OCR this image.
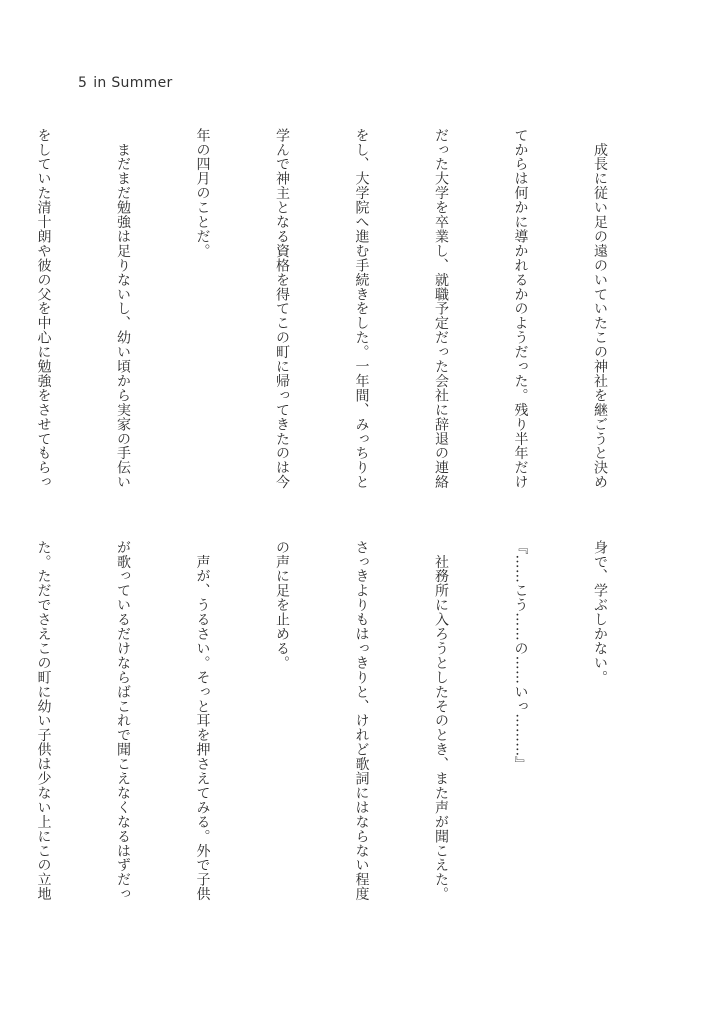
5 in Summer

　成長に従い足の遠のいていたこの神社を継ごうと決め

てからは何かに導かれるかのようだった。残り半年だけ

だった大学を卒業し、就職予定だった会社に辞退の連絡

をし、大学院へ進む手続きをした。一年間、みっちりと

学んで神主となる資格を得てこの町に帰ってきたのは今

年の四月のことだ。

　まだまだ勉強は足りないし、幼い頃から実家の手伝い

をしていた清十朗や彼の父を中心に勉強をさせてもらっ

身で、学ぶしかない。

『……こう……の……いっ………』

　社務所に入ろうとしたそのとき、また声が聞こえた。

さっきよりもはっきりと、けれど歌詞にはならない程度

の声に足を止める。

　声が、うるさい。そっと耳を押さえてみる。外で子供

が歌っているだけならばこれで聞こえなくなるはずだっ

た。ただでさえこの町に幼い子供は少ない上にこの立地
